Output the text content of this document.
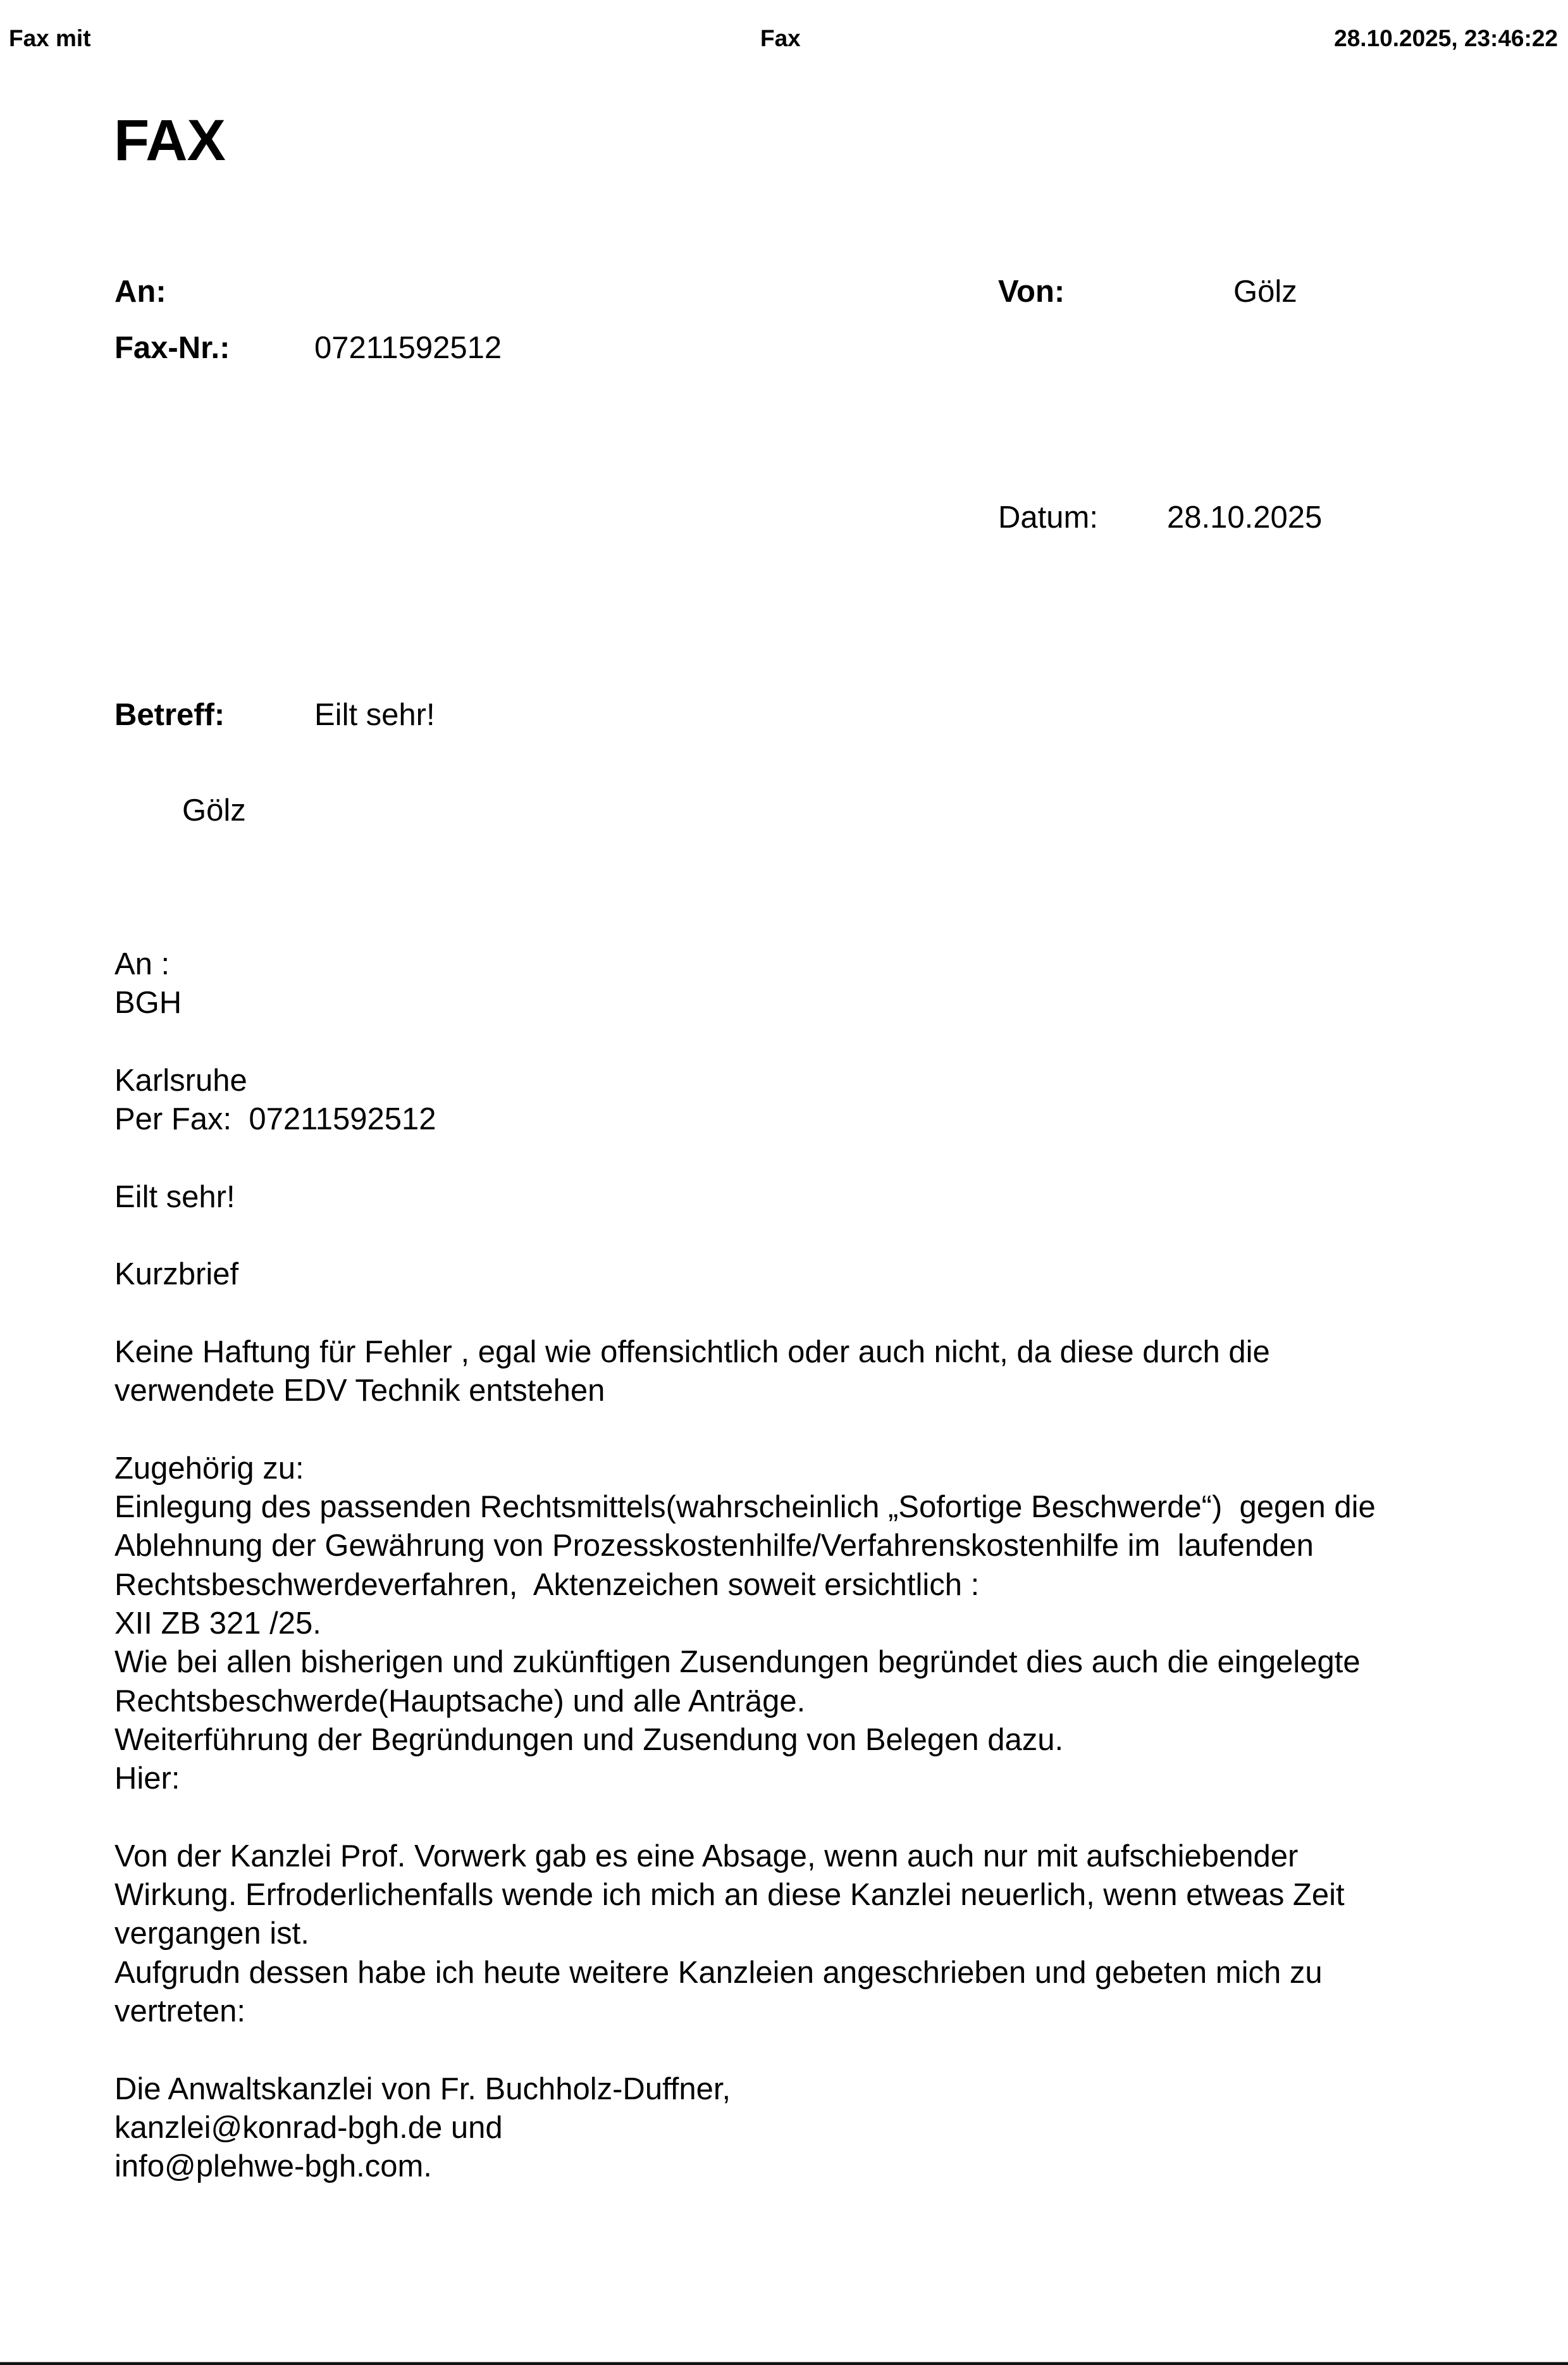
Fax mit	Fax	28.10.2025, 23:46:22
FAX
An:
Fax-Nr.:	07211592512
Von:	Gölz
Datum: 28.10.2025
Betreff:	Eilt sehr!
Gölz
An :
BGH
Karlsruhe
Per Fax:  07211592512
Eilt sehr!
Kurzbrief
Keine Haftung für Fehler , egal wie offensichtlich oder auch nicht, da diese durch die
verwendete EDV Technik entstehen
Zugehörig zu:
Einlegung des passenden Rechtsmittels(wahrscheinlich „Sofortige Beschwerde“)  gegen die
Ablehnung der Gewährung von Prozesskostenhilfe/Verfahrenskostenhilfe im  laufenden
Rechtsbeschwerdeverfahren,  Aktenzeichen soweit ersichtlich :
XII ZB 321 /25.
Wie bei allen bisherigen und zukünftigen Zusendungen begründet dies auch die eingelegte
Rechtsbeschwerde(Hauptsache) und alle Anträge.
Weiterführung der Begründungen und Zusendung von Belegen dazu.
Hier:
Von der Kanzlei Prof. Vorwerk gab es eine Absage, wenn auch nur mit aufschiebender
Wirkung. Erfroderlichenfalls wende ich mich an diese Kanzlei neuerlich, wenn etweas Zeit
vergangen ist.
Aufgrudn dessen habe ich heute weitere Kanzleien angeschrieben und gebeten mich zu
vertreten:
Die Anwaltskanzlei von Fr. Buchholz-Duffner,
kanzlei@konrad-bgh.de und
info@plehwe-bgh.com.
